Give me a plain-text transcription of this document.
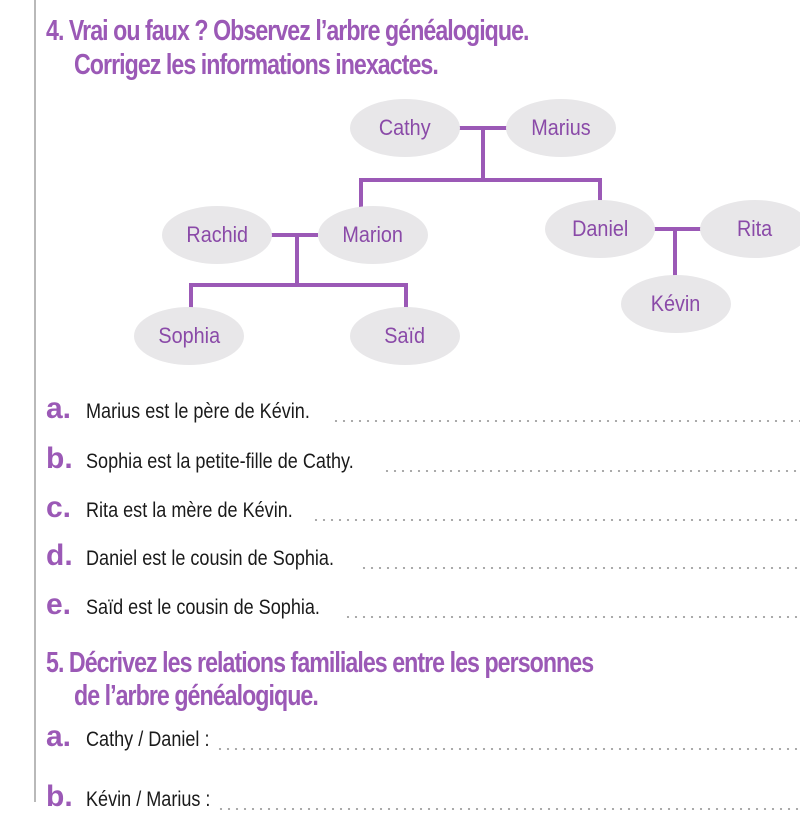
4. Vrai ou faux ? Observez l’arbre généalogique.
Corrigez les informations inexactes.
Cathy	Marius
Rachid	Marion	Daniel	Rita
Kévin
Sophia	Saïd
a. Marius est le père de Kévin.
b. Sophia est la petite-fille de Cathy.
c. Rita est la mère de Kévin.
d. Daniel est le cousin de Sophia.
e. Saïd est le cousin de Sophia.
5. Décrivez les relations familiales entre les personnes
de l’arbre généalogique.
a. Cathy / Daniel :
b. Kévin / Marius :
